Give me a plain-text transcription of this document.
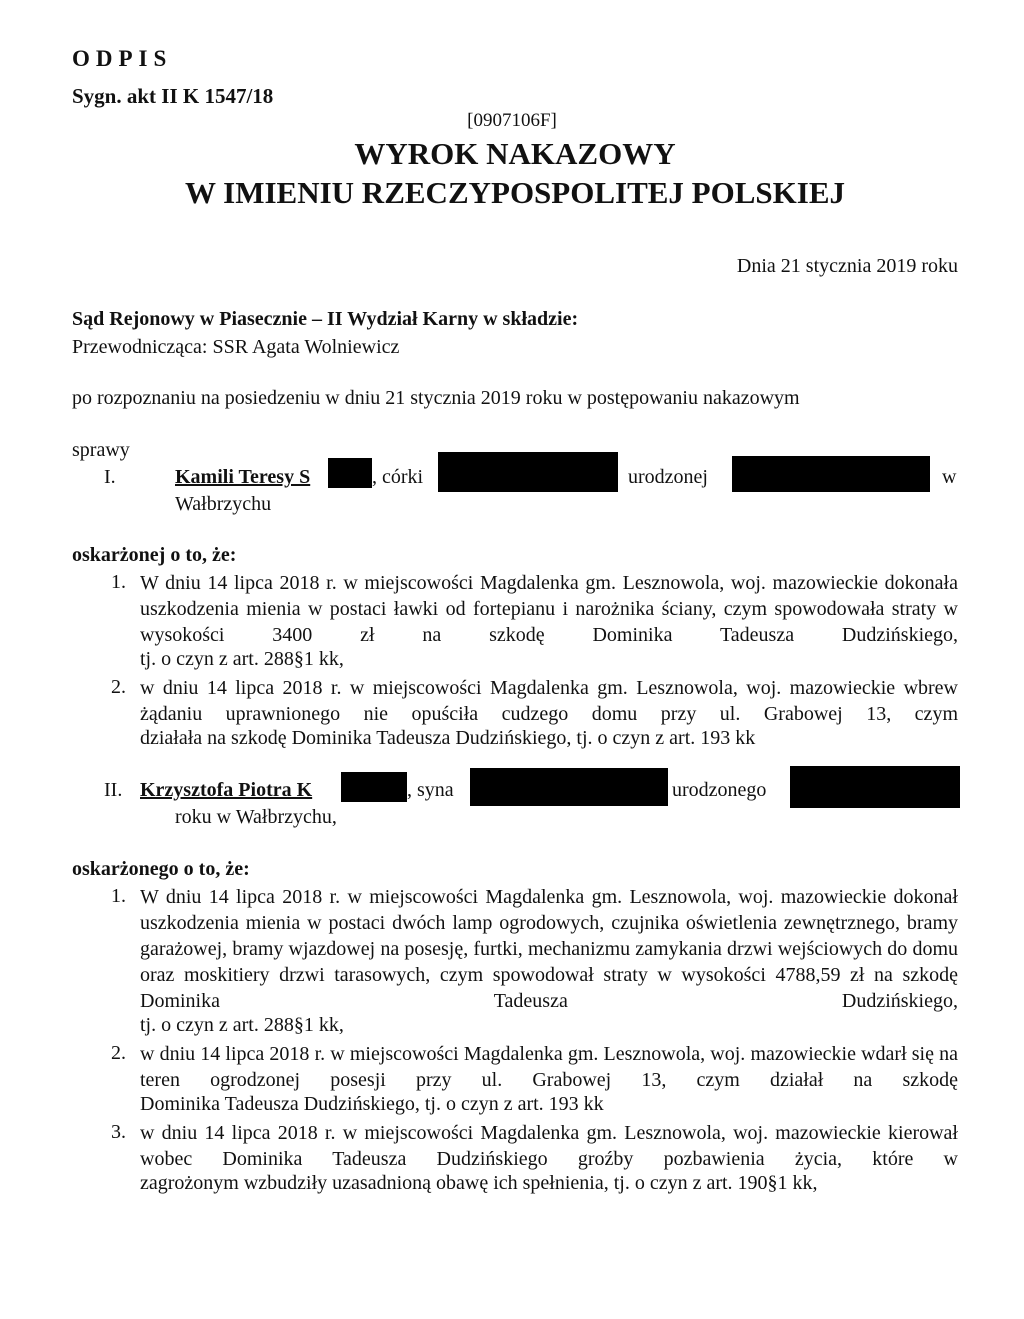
ODPIS
Sygn. akt II K 1547/18
[0907106F]
WYROK NAKAZOWY
W IMIENIU RZECZYPOSPOLITEJ POLSKIEJ
Dnia 21 stycznia 2019 roku
Sąd Rejonowy w Piasecznie – II Wydział Karny w składzie:
Przewodnicząca: SSR Agata Wolniewicz
po rozpoznaniu na posiedzeniu w dniu 21 stycznia 2019 roku w postępowaniu nakazowym
sprawy
I.	Kamili Teresy S	, córki	urodzonej	w
Wałbrzychu
oskarżonej o to, że:
1. W dniu 14 lipca 2018 r. w miejscowości Magdalenka gm. Lesznowola, woj. mazowieckie dokonała uszkodzenia mienia w postaci ławki od fortepianu i narożnika ściany, czym spowodowała straty w wysokości 3400 zł na szkodę Dominika Tadeusza Dudzińskiego,
tj. o czyn z art. 288§1 kk,
2. w dniu 14 lipca 2018 r. w miejscowości Magdalenka gm. Lesznowola, woj. mazowieckie wbrew żądaniu uprawnionego nie opuściła cudzego domu przy ul. Grabowej 13, czym
działała na szkodę Dominika Tadeusza Dudzińskiego, tj. o czyn z art. 193 kk
II. Krzysztofa Piotra K	, syna	urodzonego
roku w Wałbrzychu,
oskarżonego o to, że:
1. W dniu 14 lipca 2018 r. w miejscowości Magdalenka gm. Lesznowola, woj. mazowieckie dokonał uszkodzenia mienia w postaci dwóch lamp ogrodowych, czujnika oświetlenia zewnętrznego, bramy garażowej, bramy wjazdowej na posesję, furtki, mechanizmu zamykania drzwi wejściowych do domu oraz moskitiery drzwi tarasowych, czym spowodował straty w wysokości 4788,59 zł na szkodę Dominika Tadeusza Dudzińskiego,
tj. o czyn z art. 288§1 kk,
2. w dniu 14 lipca 2018 r. w miejscowości Magdalenka gm. Lesznowola, woj. mazowieckie wdarł się na teren ogrodzonej posesji przy ul. Grabowej 13, czym działał na szkodę
Dominika Tadeusza Dudzińskiego, tj. o czyn z art. 193 kk
3. w dniu 14 lipca 2018 r. w miejscowości Magdalenka gm. Lesznowola, woj. mazowieckie kierował wobec Dominika Tadeusza Dudzińskiego groźby pozbawienia życia, które w
zagrożonym wzbudziły uzasadnioną obawę ich spełnienia, tj. o czyn z art. 190§1 kk,
